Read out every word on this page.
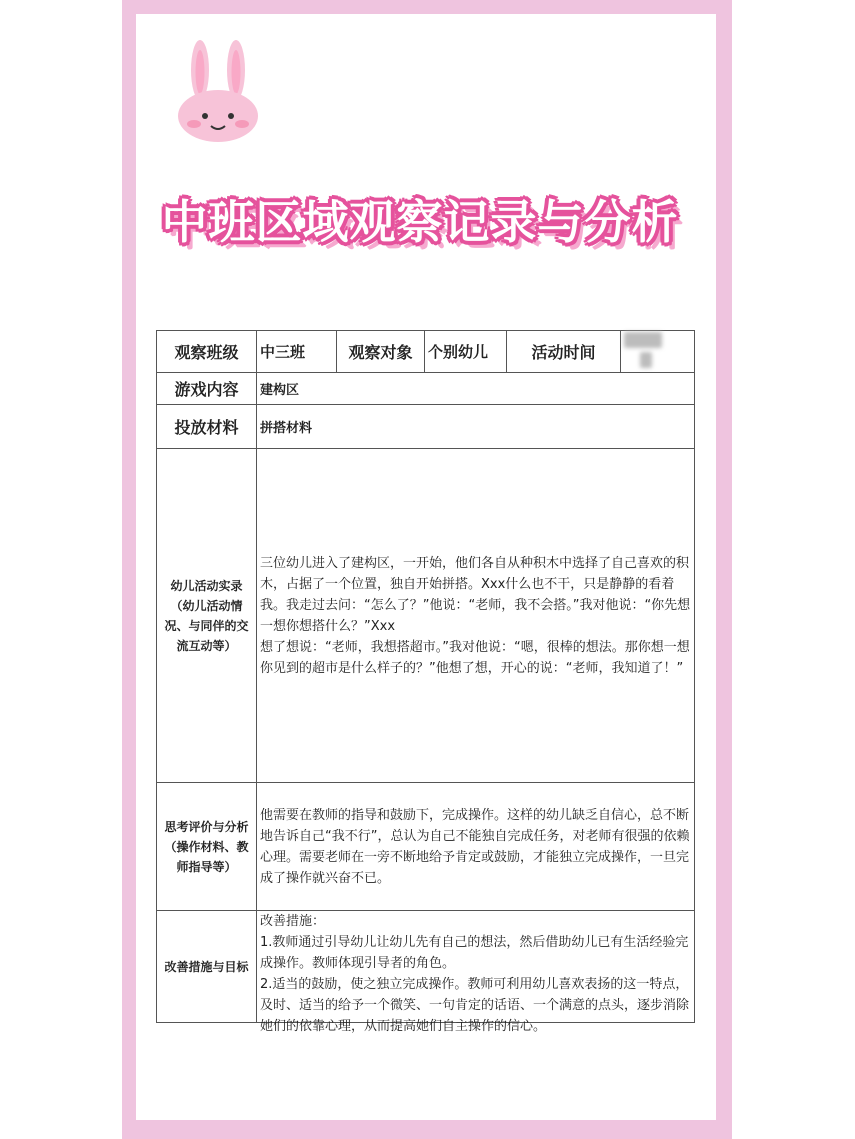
中班区域观察记录与分析
观察班级	中三班	观察对象	个别幼儿	活动时间	
游戏内容	建构区				
投放材料	拼搭材料				
幼儿活动实录
（幼儿活动情况、与同伴的交流互动等）	三位幼儿进入了建构区，一开始，他们各自从种积木中选择了自己喜欢的积木，占据了一个位置，独自开始拼搭。Xxx什么也不干，只是静静的看着我。我走过去问：“怎么了？”他说：“老师，我不会搭。”我对他说：“你先想一想你想搭什么？”Xxx
想了想说：“老师，我想搭超市。”我对他说：“嗯，很棒的想法。那你想一想你见到的超市是什么样子的？”他想了想，开心的说：“老师，我知道了！”				
思考评价与分析
（操作材料、教师指导等）	他需要在教师的指导和鼓励下，完成操作。这样的幼儿缺乏自信心，总不断地告诉自己“我不行”，总认为自己不能独自完成任务，对老师有很强的依赖心理。需要老师在一旁不断地给予肯定或鼓励，才能独立完成操作，一旦完成了操作就兴奋不已。				
改善措施与目标	改善措施：
1.教师通过引导幼儿让幼儿先有自己的想法，然后借助幼儿已有生活经验完成操作。教师体现引导者的角色。
2.适当的鼓励，使之独立完成操作。教师可利用幼儿喜欢表扬的这一特点，及时、适当的给予一个微笑、一句肯定的话语、一个满意的点头，逐步消除她们的依靠心理，从而提高她们自主操作的信心。				
